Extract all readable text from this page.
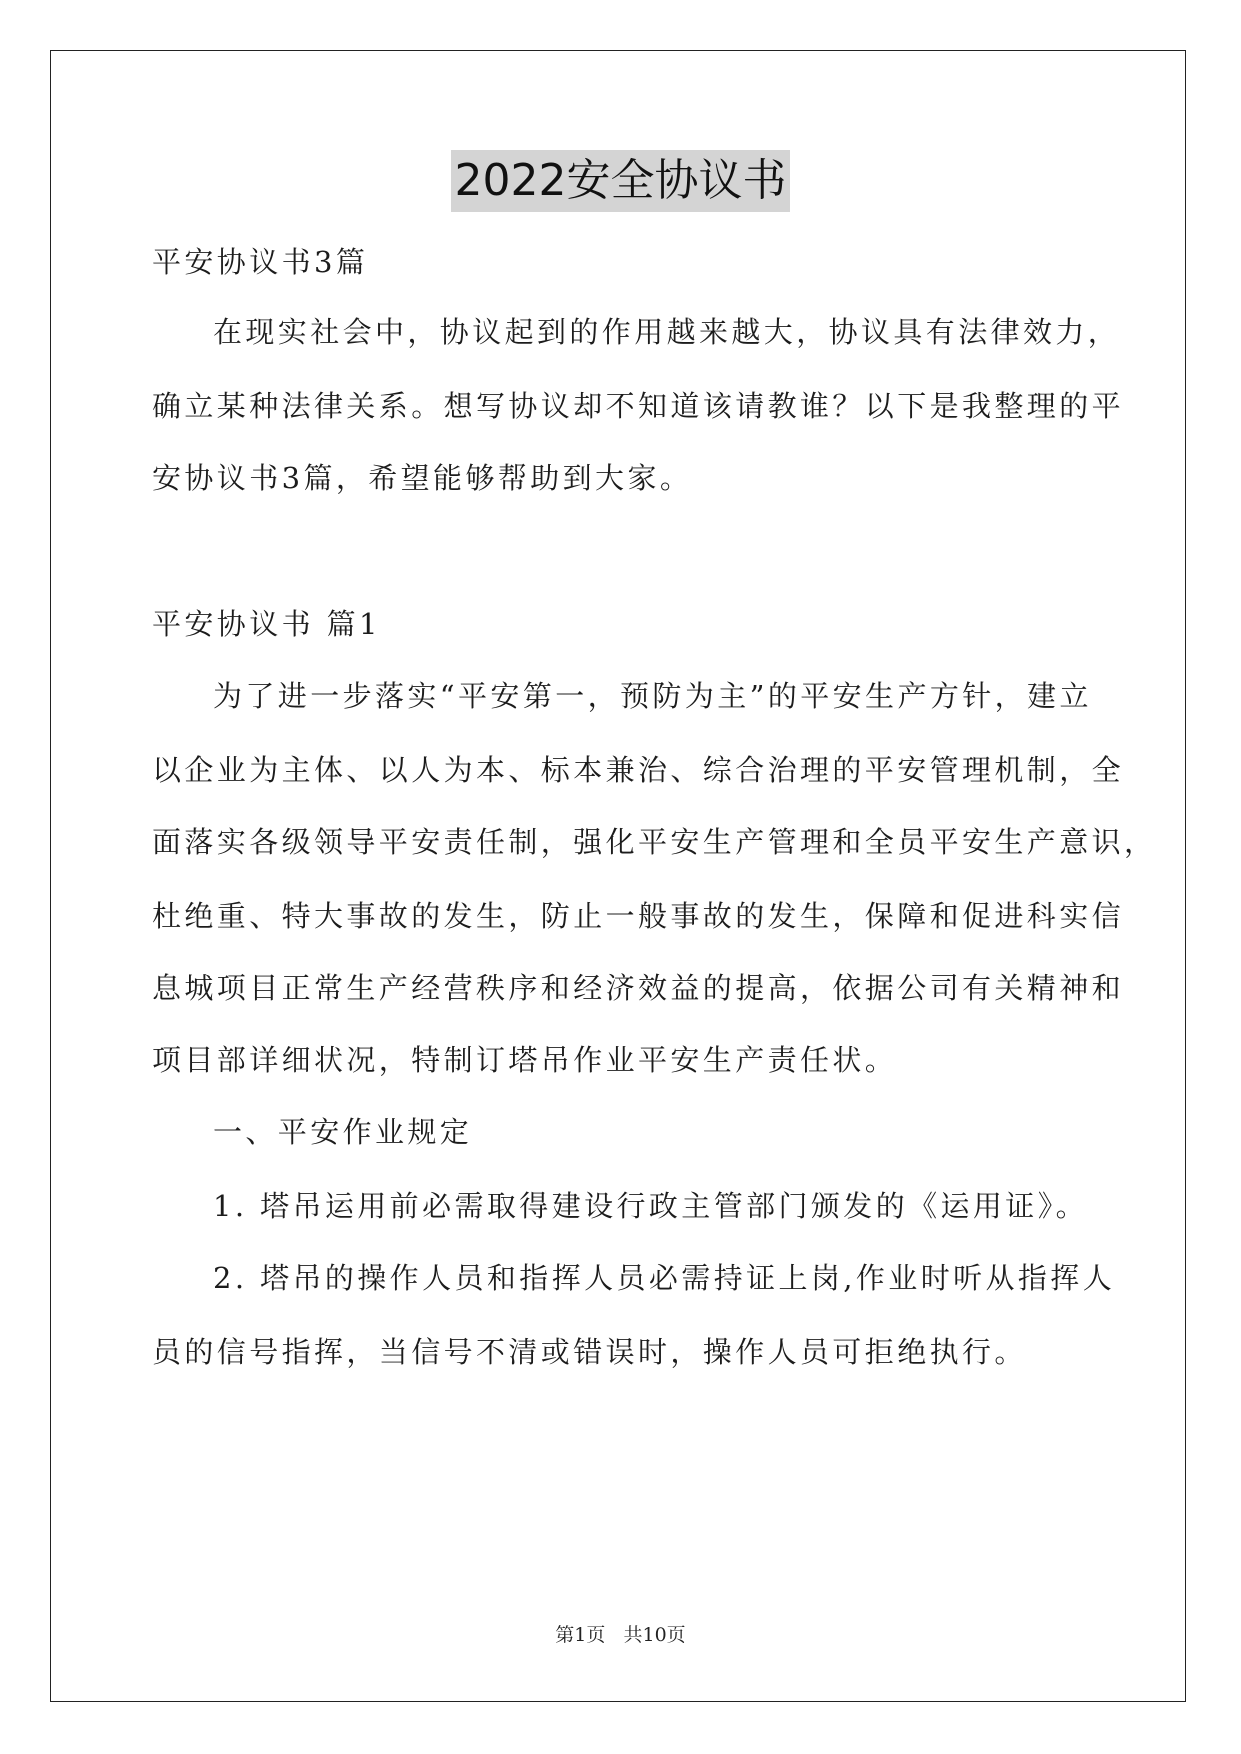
2022安全协议书
平安协议书3篇
在现实社会中，协议起到的作用越来越大，协议具有法律效力，
确立某种法律关系。想写协议却不知道该请教谁？以下是我整理的平
安协议书3篇，希望能够帮助到大家。
平安协议书 篇1
为了进一步落实“平安第一，预防为主”的平安生产方针，建立
以企业为主体、以人为本、标本兼治、综合治理的平安管理机制，全
面落实各级领导平安责任制，强化平安生产管理和全员平安生产意识，
杜绝重、特大事故的发生，防止一般事故的发生，保障和促进科实信
息城项目正常生产经营秩序和经济效益的提高，依据公司有关精神和
项目部详细状况，特制订塔吊作业平安生产责任状。
一、平安作业规定
1. 塔吊运用前必需取得建设行政主管部门颁发的《运用证》。
2. 塔吊的操作人员和指挥人员必需持证上岗,作业时听从指挥人
员的信号指挥，当信号不清或错误时，操作人员可拒绝执行。
第1页   共10页
